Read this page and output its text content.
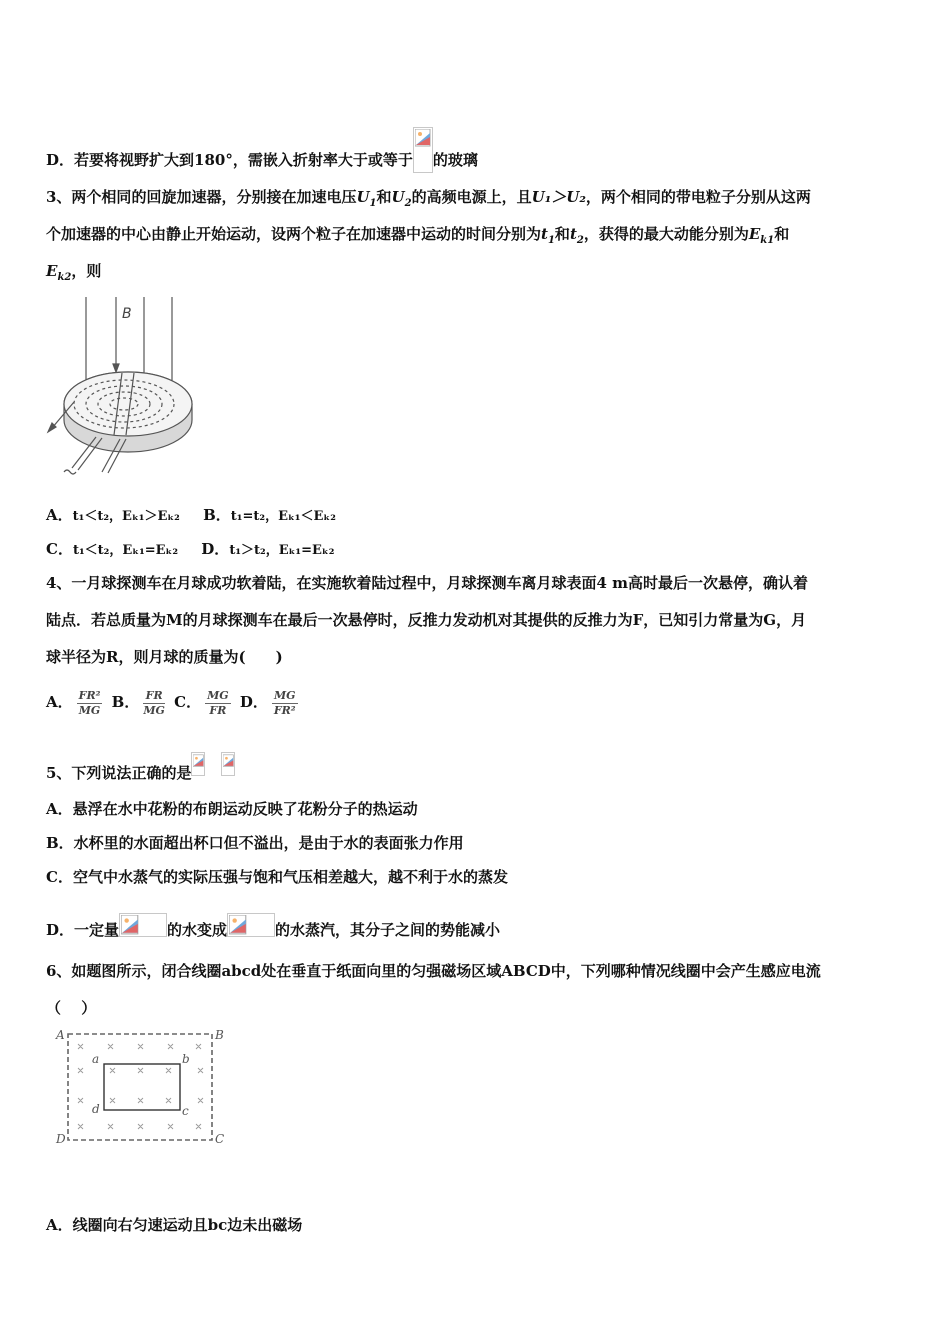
D．若要将视野扩大到180°，需嵌入折射率大于或等于 的玻璃
3、两个相同的回旋加速器，分别接在加速电压$U_1$和$U_2$的高频电源上，且U₁＞U₂，两个相同的带电粒子分别从这两
个加速器的中心由静止开始运动，设两个粒子在加速器中运动的时间分别为$t_1$和$t_2$，获得的最大动能分别为$E_{k1}$和
$E_{k2}$，则
B
A．t₁＜t₂，Eₖ₁＞Eₖ₂ B．t₁=t₂，Eₖ₁＜Eₖ₂
C．t₁＜t₂，Eₖ₁=Eₖ₂ D．t₁＞t₂，Eₖ₁=Eₖ₂
4、一月球探测车在月球成功软着陆，在实施软着陆过程中，月球探测车离月球表面4 m高时最后一次悬停，确认着
陆点．若总质量为M的月球探测车在最后一次悬停时，反推力发动机对其提供的反推力为F，已知引力常量为G，月
球半径为R，则月球的质量为(　　)
A． $\frac{\text{FR²}}{MG}$ B． $\frac{FR}{MG}$ C． $\frac{MG}{FR}$ D． $\frac{MG}{\text{FR²}}$
5、下列说法正确的是
A．悬浮在水中花粉的布朗运动反映了花粉分子的热运动
B．水杯里的水面超出杯口但不溢出，是由于水的表面张力作用
C．空气中水蒸气的实际压强与饱和气压相差越大，越不利于水的蒸发
D．一定量	的水变成	的水蒸汽，其分子之间的势能减小
6、如题图所示，闭合线圈abcd处在垂直于纸面向里的匀强磁场区域ABCD中，下列哪种情况线圈中会产生感应电流
（　 ）
A	B
D	C
a	b
d	c
A．线圈向右匀速运动且bc边未出磁场
